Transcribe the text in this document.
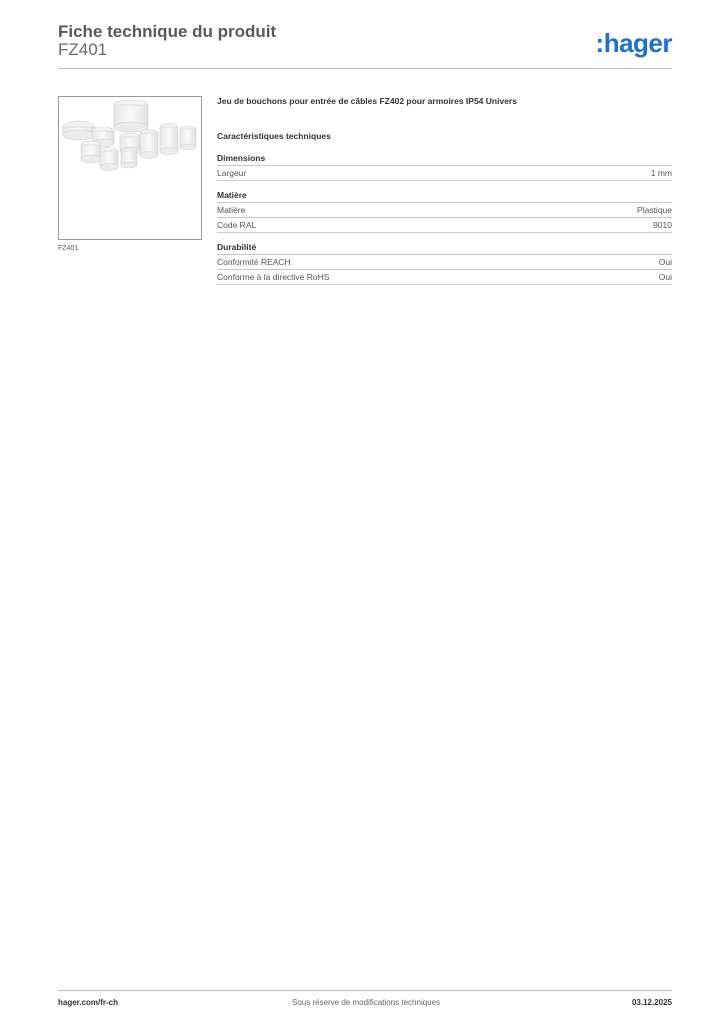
Fiche technique du produit
FZ401	:hager
FZ401
Jeu de bouchons pour entrée de câbles FZ402 pour armoires IP54 Univers
Caractéristiques techniques
Dimensions
Largeur	1 mm
Matière
Matière	Plastique
Code RAL	9010
Durabilité
Conformité REACH	Oui
Conforme à la directive RoHS	Oui
hager.com/fr-ch	Sous réserve de modifications techniques	03.12.2025
